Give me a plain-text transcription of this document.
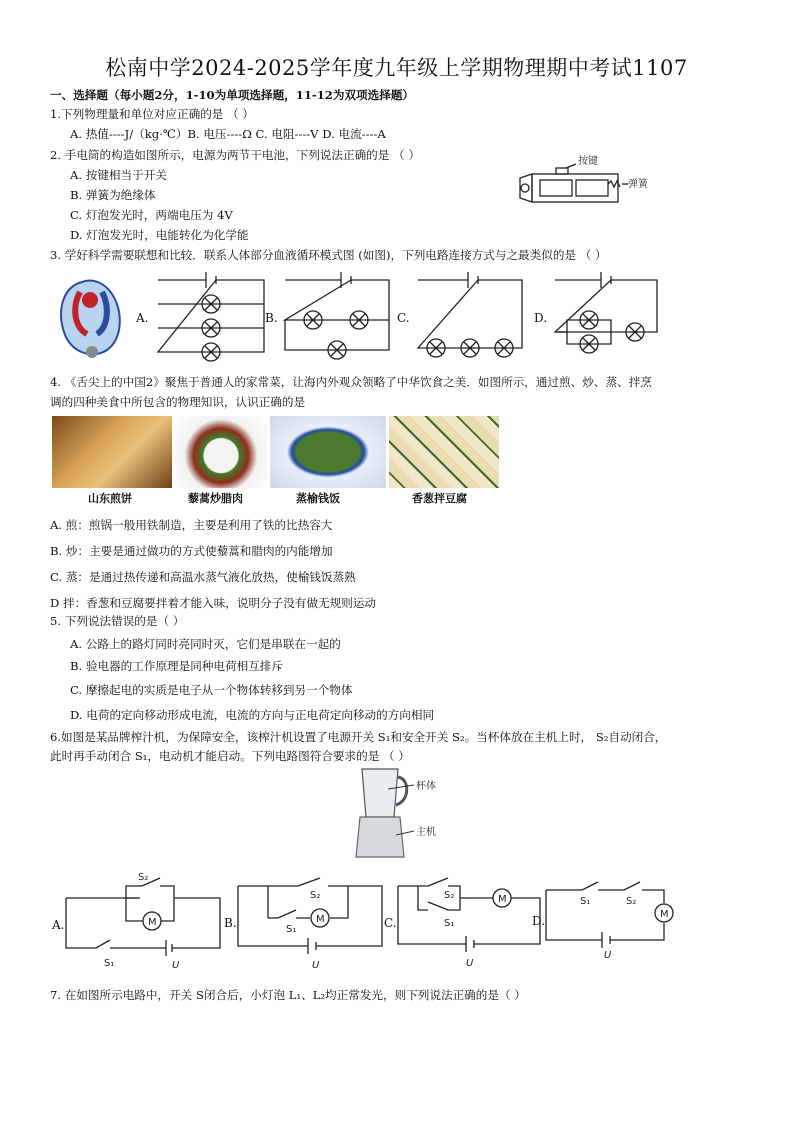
松南中学2024-2025学年度九年级上学期物理期中考试1107
一、选择题（每小题2分，1-10为单项选择题，11-12为双项选择题）
1.下列物理量和单位对应正确的是 （ ）
A. 热值----J/（kg·℃）B. 电压----Ω C. 电阻----V D. 电流----A
2. 手电筒的构造如图所示，电源为两节干电池，下列说法正确的是 （ ）
A. 按键相当于开关
B. 弹簧为绝缘体
C. 灯泡发光时，两端电压为 4V
D. 灯泡发光时，电能转化为化学能
按键
弹簧
3. 学好科学需要联想和比较．联系人体部分血液循环模式图 (如图)，下列电路连接方式与之最类似的是 （ ）
A.	B.	C.	D.
4. 《舌尖上的中国2》聚焦于普通人的家常菜，让海内外观众领略了中华饮食之美．如图所示，通过煎、炒、蒸、拌烹
调的四种美食中所包含的物理知识，认识正确的是
山东煎饼	藜蒿炒腊肉	蒸榆钱饭	香葱拌豆腐
A. 煎：煎锅一般用铁制造，主要是利用了铁的比热容大
B. 炒：主要是通过做功的方式使藜蒿和腊肉的内能增加
C. 蒸：是通过热传递和高温水蒸气液化放热，使榆钱饭蒸熟
D 拌：香葱和豆腐要拌着才能入味，说明分子没有做无规则运动
5. 下列说法错误的是（ ）
A. 公路上的路灯同时亮同时灭，它们是串联在一起的
B. 验电器的工作原理是同种电荷相互排斥
C. 摩擦起电的实质是电子从一个物体转移到另一个物体
D. 电荷的定向移动形成电流，电流的方向与正电荷定向移动的方向相同
6.如图是某品牌榨汁机，为保障安全，该榨汁机设置了电源开关 S₁和安全开关 S₂。当杯体放在主机上时， S₂自动闭合，
此时再手动闭合 S₁，电动机才能启动。下列电路图符合要求的是 （ ）
杯体
主机
A.	B.	C.	D.
M
S₂
S₁	U
M
S₂
S₁
U
M
S₂
S₁
U
M
S₁	S₂
U
7. 在如图所示电路中，开关 S闭合后，小灯泡 L₁、L₂均正常发光，则下列说法正确的是（ ）
